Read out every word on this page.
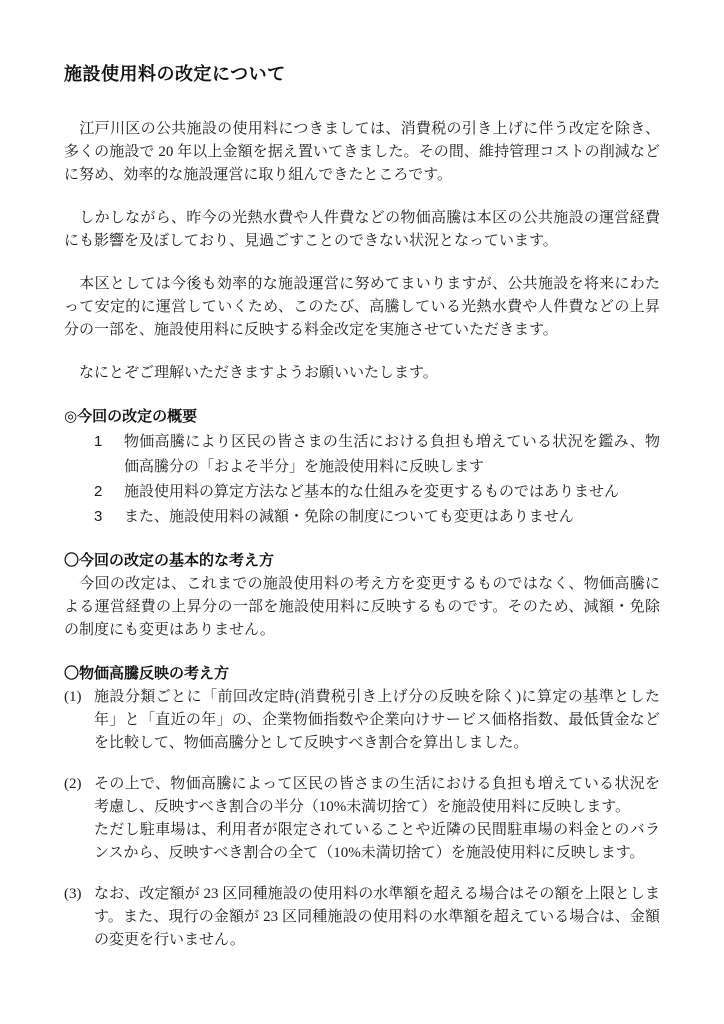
施設使用料の改定について

　江戸川区の公共施設の使用料につきましては、消費税の引き上げに伴う改定を除き、多くの施設で 20 年以上金額を据え置いてきました。その間、維持管理コストの削減などに努め、効率的な施設運営に取り組んできたところです。

　しかしながら、昨今の光熱水費や人件費などの物価高騰は本区の公共施設の運営経費にも影響を及ぼしており、見過ごすことのできない状況となっています。

　本区としては今後も効率的な施設運営に努めてまいりますが、公共施設を将来にわたって安定的に運営していくため、このたび、高騰している光熱水費や人件費などの上昇分の一部を、施設使用料に反映する料金改定を実施させていただきます。

　なにとぞご理解いただきますようお願いいたします。

◎今回の改定の概要
1	物価高騰により区民の皆さまの生活における負担も増えている状況を鑑み、物価高騰分の「およそ半分」を施設使用料に反映します
2	施設使用料の算定方法など基本的な仕組みを変更するものではありません
3	また、施設使用料の減額・免除の制度についても変更はありません
〇今回の改定の基本的な考え方

　今回の改定は、これまでの施設使用料の考え方を変更するものではなく、物価高騰による運営経費の上昇分の一部を施設使用料に反映するものです。そのため、減額・免除の制度にも変更はありません。

〇物価高騰反映の考え方
(1) 施設分類ごとに「前回改定時(消費税引き上げ分の反映を除く)に算定の基準とした年」と「直近の年」の、企業物価指数や企業向けサービス価格指数、最低賃金などを比較して、物価高騰分として反映すべき割合を算出しました。

(2) その上で、物価高騰によって区民の皆さまの生活における負担も増えている状況を考慮し、反映すべき割合の半分（10%未満切捨て）を施設使用料に反映します。

ただし駐車場は、利用者が限定されていることや近隣の民間駐車場の料金とのバランスから、反映すべき割合の全て（10%未満切捨て）を施設使用料に反映します。

(3) なお、改定額が 23 区同種施設の使用料の水準額を超える場合はその額を上限とします。また、現行の金額が 23 区同種施設の使用料の水準額を超えている場合は、金額の変更を行いません。
